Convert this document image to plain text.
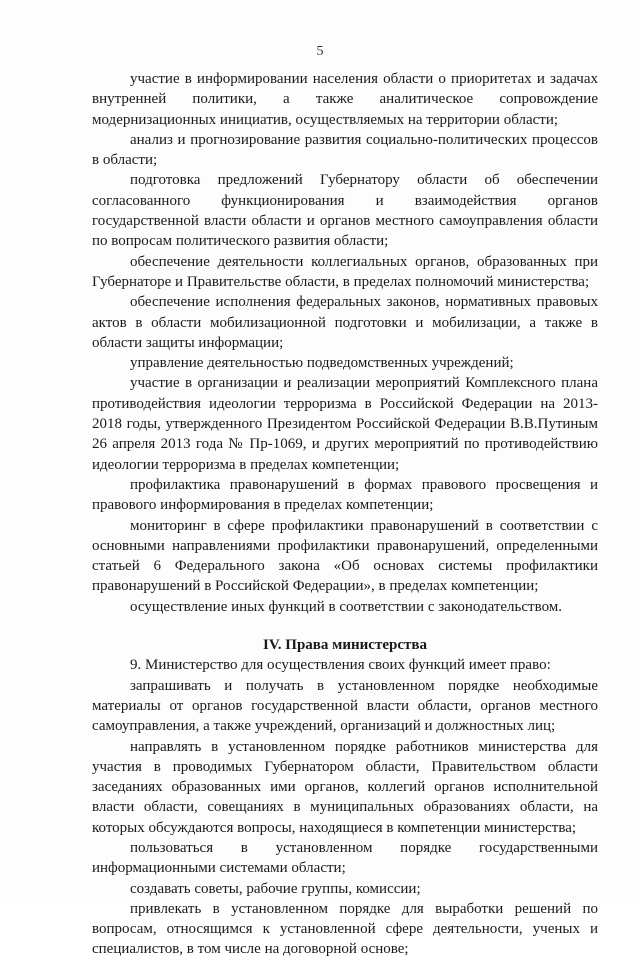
5

участие в информировании населения области о приоритетах и задачах внутренней политики, а также аналитическое сопровождение модернизационных инициатив, осуществляемых на территории области;

анализ и прогнозирование развития социально-политических процессов в области;

подготовка предложений Губернатору области об обеспечении согласованного функционирования и взаимодействия органов государственной власти области и органов местного самоуправления области по вопросам политического развития области;

обеспечение деятельности коллегиальных органов, образованных при Губернаторе и Правительстве области, в пределах полномочий министерства;

обеспечение исполнения федеральных законов, нормативных правовых актов в области мобилизационной подготовки и мобилизации, а также в области защиты информации;

управление деятельностью подведомственных учреждений;

участие в организации и реализации мероприятий Комплексного плана противодействия идеологии терроризма в Российской Федерации на 2013-2018 годы, утвержденного Президентом Российской Федерации В.В.Путиным 26 апреля 2013 года № Пр-1069, и других мероприятий по противодействию идеологии терроризма в пределах компетенции;

профилактика правонарушений в формах правового просвещения и правового информирования в пределах компетенции;

мониторинг в сфере профилактики правонарушений в соответствии с основными направлениями профилактики правонарушений, определенными статьей 6 Федерального закона «Об основах системы профилактики правонарушений в Российской Федерации», в пределах компетенции;

осуществление иных функций в соответствии с законодательством.

IV. Права министерства

9. Министерство для осуществления своих функций имеет право:

запрашивать и получать в установленном порядке необходимые материалы от органов государственной власти области, органов местного самоуправления, а также учреждений, организаций и должностных лиц;

направлять в установленном порядке работников министерства для участия в проводимых Губернатором области, Правительством области заседаниях образованных ими органов, коллегий органов исполнительной власти области, совещаниях в муниципальных образованиях области, на которых обсуждаются вопросы, находящиеся в компетенции министерства;

пользоваться в установленном порядке государственными информационными системами области;

создавать советы, рабочие группы, комиссии;

привлекать в установленном порядке для выработки решений по вопросам, относящимся к установленной сфере деятельности, ученых и специалистов, в том числе на договорной основе;
